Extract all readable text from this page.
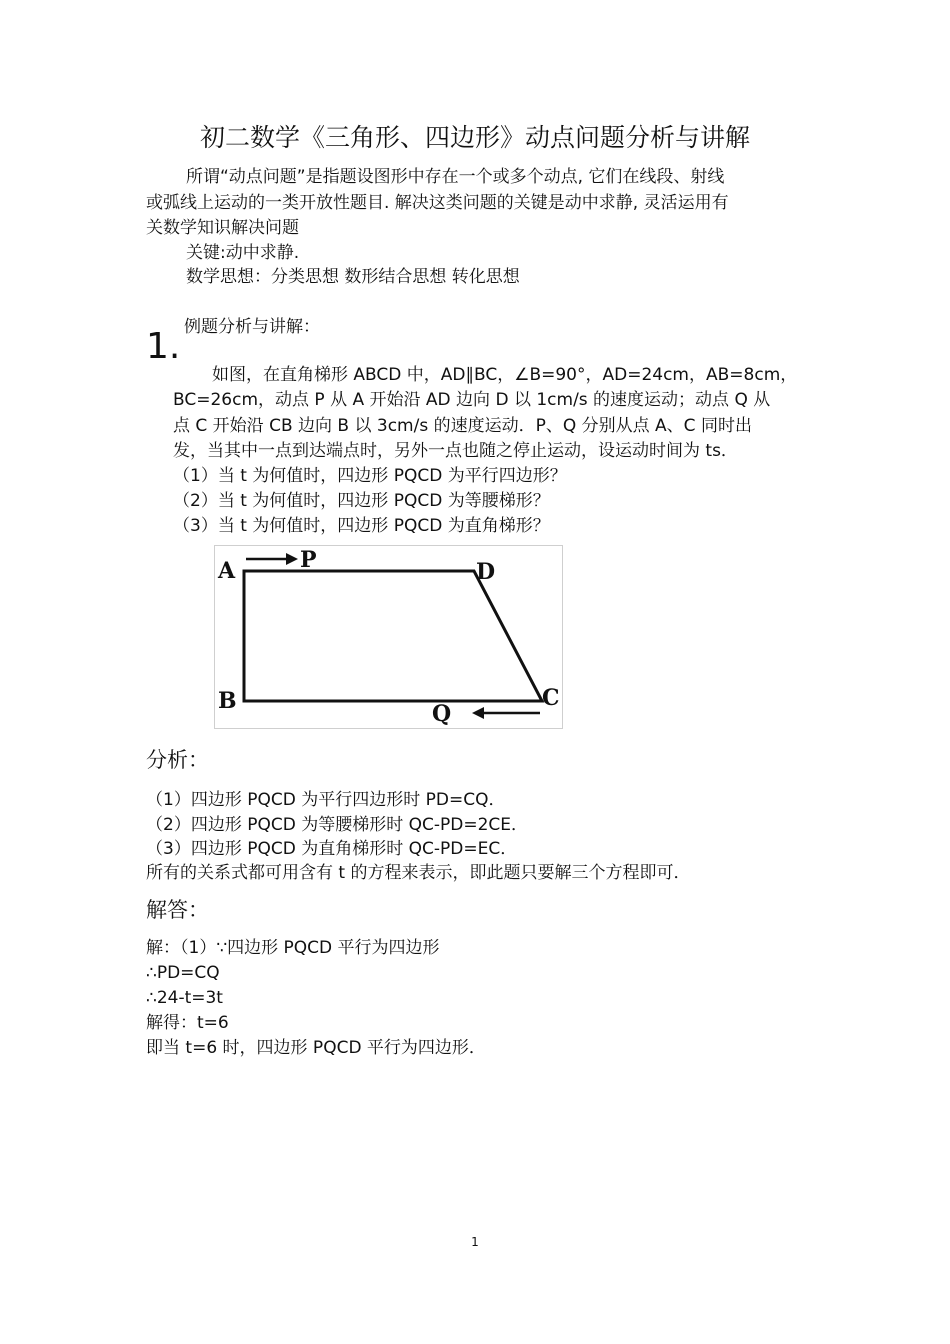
初二数学《三角形、四边形》动点问题分析与讲解
所谓“动点问题”是指题设图形中存在一个或多个动点, 它们在线段、射线
或弧线上运动的一类开放性题目. 解决这类问题的关键是动中求静, 灵活运用有
关数学知识解决问题
关键:动中求静.
数学思想：分类思想 数形结合思想 转化思想
1. 例题分析与讲解：
如图，在直角梯形 ABCD 中，AD∥BC，∠B=90°，AD=24cm，AB=8cm，
BC=26cm，动点 P 从 A 开始沿 AD 边向 D 以 1cm/s 的速度运动；动点 Q 从
点 C 开始沿 CB 边向 B 以 3cm/s 的速度运动．P、Q 分别从点 A、C 同时出
发，当其中一点到达端点时，另外一点也随之停止运动，设运动时间为 ts．
（1）当 t 为何值时，四边形 PQCD 为平行四边形？
（2）当 t 为何值时，四边形 PQCD 为等腰梯形？
（3）当 t 为何值时，四边形 PQCD 为直角梯形？
A	P	D
B	Q
C
分析：
（1）四边形 PQCD 为平行四边形时 PD=CQ．
（2）四边形 PQCD 为等腰梯形时 QC-PD=2CE．
（3）四边形 PQCD 为直角梯形时 QC-PD=EC．
所有的关系式都可用含有 t 的方程来表示，即此题只要解三个方程即可．
解答：
解：（1）∵四边形 PQCD 平行为四边形
∴PD=CQ
∴24-t=3t
解得：t=6
即当 t=6 时，四边形 PQCD 平行为四边形．
1
